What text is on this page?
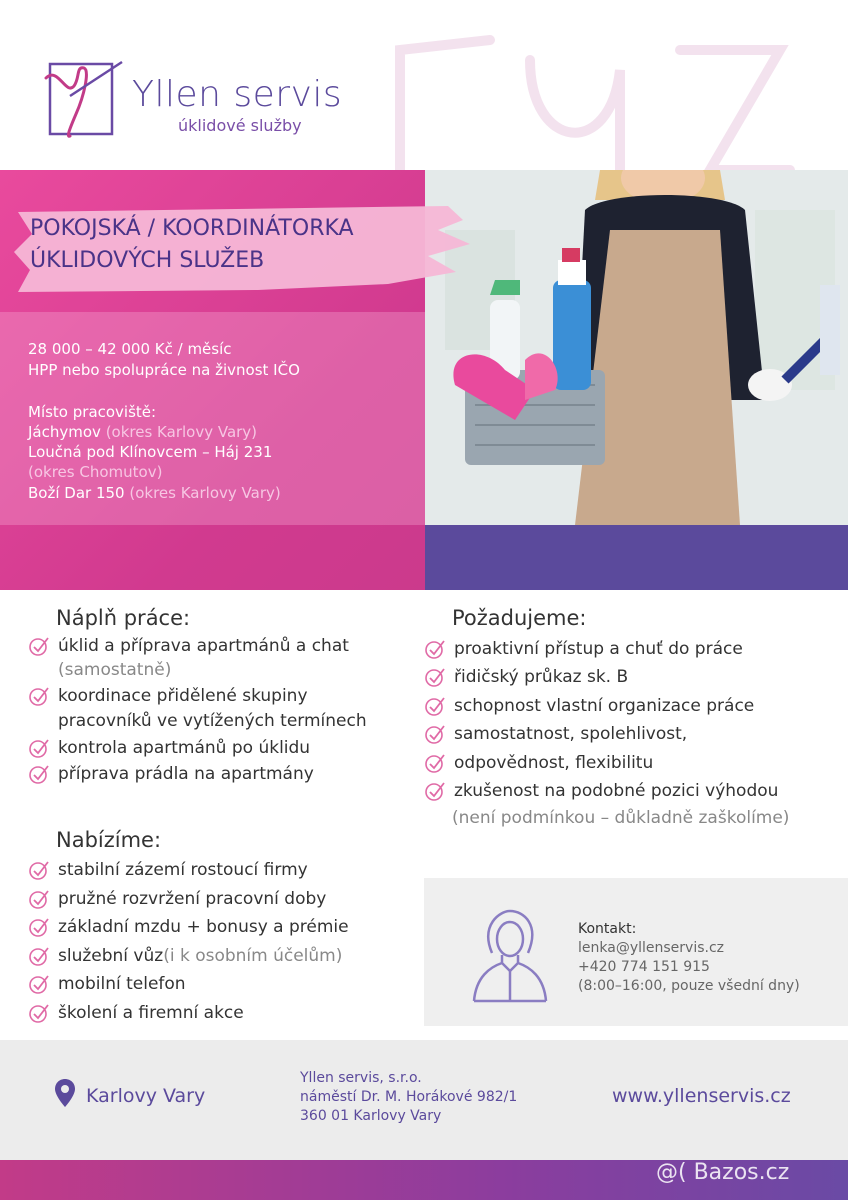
Yllen servis
úklidové služby
POKOJSKÁ / KOORDINÁTORKA
ÚKLIDOVÝCH SLUŽEB
28 000 – 42 000 Kč / měsíc
HPP nebo spolupráce na živnost IČO
Místo pracoviště:
Jáchymov (okres Karlovy Vary)
Loučná pod Klínovcem – Háj 231
(okres Chomutov)
Boží Dar 150 (okres Karlovy Vary)
Náplň práce:
úklid a příprava apartmánů a chat
(samostatně)
koordinace přidělené skupiny
pracovníků ve vytížených termínech
kontrola apartmánů po úklidu
příprava prádla na apartmány
Požadujeme:
proaktivní přístup a chuť do práce
řidičský průkaz sk. B
schopnost vlastní organizace práce
samostatnost, spolehlivost,
odpovědnost, flexibilitu
zkušenost na podobné pozici výhodou
(není podmínkou – důkladně zaškolíme)
Nabízíme:
stabilní zázemí rostoucí firmy
pružné rozvržení pracovní doby
základní mzdu + bonusy a prémie
služební vůz (i k osobním účelům)
mobilní telefon
školení a firemní akce
Kontakt:
lenka@yllenservis.cz
+420 774 151 915
(8:00–16:00, pouze všední dny)
Karlovy Vary
Yllen servis, s.r.o.
náměstí Dr. M. Horákové 982/1
360 01 Karlovy Vary
www.yllenservis.cz
@( Bazos.cz
